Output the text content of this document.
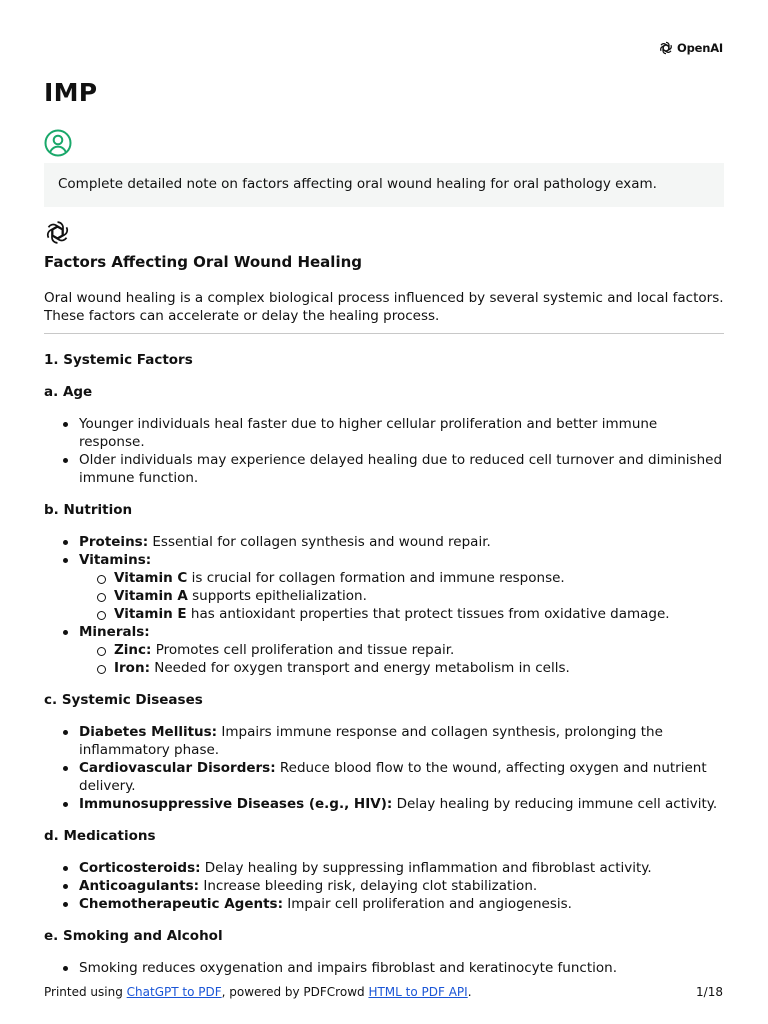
OpenAI
IMP
Complete detailed note on factors affecting oral wound healing for oral pathology exam.
Factors Affecting Oral Wound Healing

Oral wound healing is a complex biological process influenced by several systemic and local factors. These factors can accelerate or delay the healing process.

1. Systemic Factors
a. Age
Younger individuals heal faster due to higher cellular proliferation and better immune response.
Older individuals may experience delayed healing due to reduced cell turnover and diminished immune function.
b. Nutrition
Proteins: Essential for collagen synthesis and wound repair.
Vitamins:
Vitamin C is crucial for collagen formation and immune response.
Vitamin A supports epithelialization.
Vitamin E has antioxidant properties that protect tissues from oxidative damage.
Minerals:
Zinc: Promotes cell proliferation and tissue repair.
Iron: Needed for oxygen transport and energy metabolism in cells.
c. Systemic Diseases
Diabetes Mellitus: Impairs immune response and collagen synthesis, prolonging the inflammatory phase.
Cardiovascular Disorders: Reduce blood flow to the wound, affecting oxygen and nutrient delivery.
Immunosuppressive Diseases (e.g., HIV): Delay healing by reducing immune cell activity.
d. Medications
Corticosteroids: Delay healing by suppressing inflammation and fibroblast activity.
Anticoagulants: Increase bleeding risk, delaying clot stabilization.
Chemotherapeutic Agents: Impair cell proliferation and angiogenesis.
e. Smoking and Alcohol
Smoking reduces oxygenation and impairs fibroblast and keratinocyte function.
Printed using ChatGPT to PDF, powered by PDFCrowd HTML to PDF API.	1/18
